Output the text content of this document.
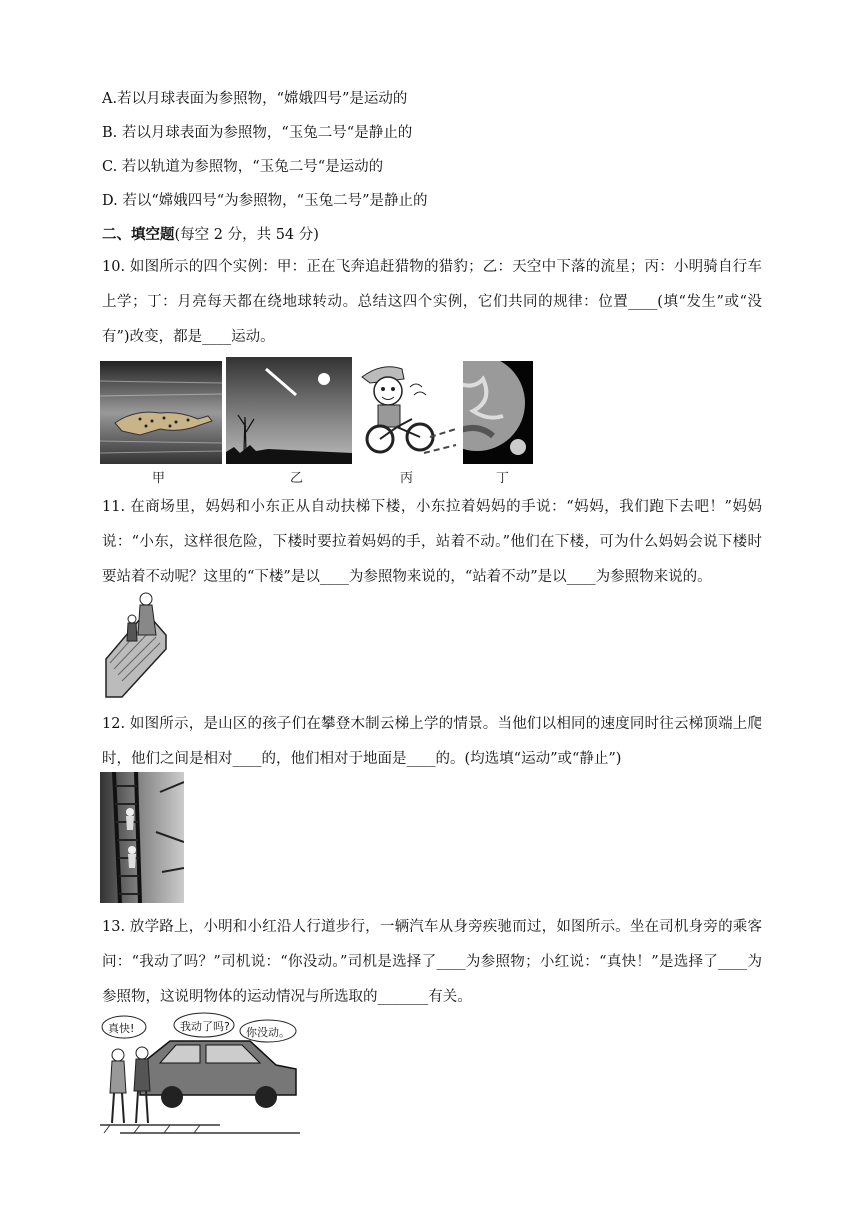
A.若以月球表面为参照物，“嫦娥四号”是运动的
B. 若以月球表面为参照物，“玉兔二号“是静止的
C. 若以轨道为参照物，“玉兔二号“是运动的
D. 若以“嫦娥四号“为参照物，“玉兔二号”是静止的
二、填空题(每空 2 分，共 54 分)
10. 如图所示的四个实例：甲：正在飞奔追赶猎物的猎豹；乙：天空中下落的流星；丙：小明骑自行车上学；丁：月亮每天都在绕地球转动。总结这四个实例，它们共同的规律：位置____(填“发生”或“没有”)改变，都是____运动。
甲	乙	丙	丁
11. 在商场里，妈妈和小东正从自动扶梯下楼，小东拉着妈妈的手说：“妈妈，我们跑下去吧！”妈妈说：“小东，这样很危险，下楼时要拉着妈妈的手，站着不动。”他们在下楼，可为什么妈妈会说下楼时要站着不动呢？这里的“下楼”是以____为参照物来说的，“站着不动”是以____为参照物来说的。
12. 如图所示，是山区的孩子们在攀登木制云梯上学的情景。当他们以相同的速度同时往云梯顶端上爬时，他们之间是相对____的，他们相对于地面是____的。(均选填“运动”或“静止”)
13. 放学路上，小明和小红沿人行道步行，一辆汽车从身旁疾驰而过，如图所示。坐在司机身旁的乘客问：“我动了吗？”司机说：“你没动。”司机是选择了____为参照物；小红说：“真快！”是选择了____为参照物，这说明物体的运动情况与所选取的_______有关。
真快!	我动了吗? 你没动。
